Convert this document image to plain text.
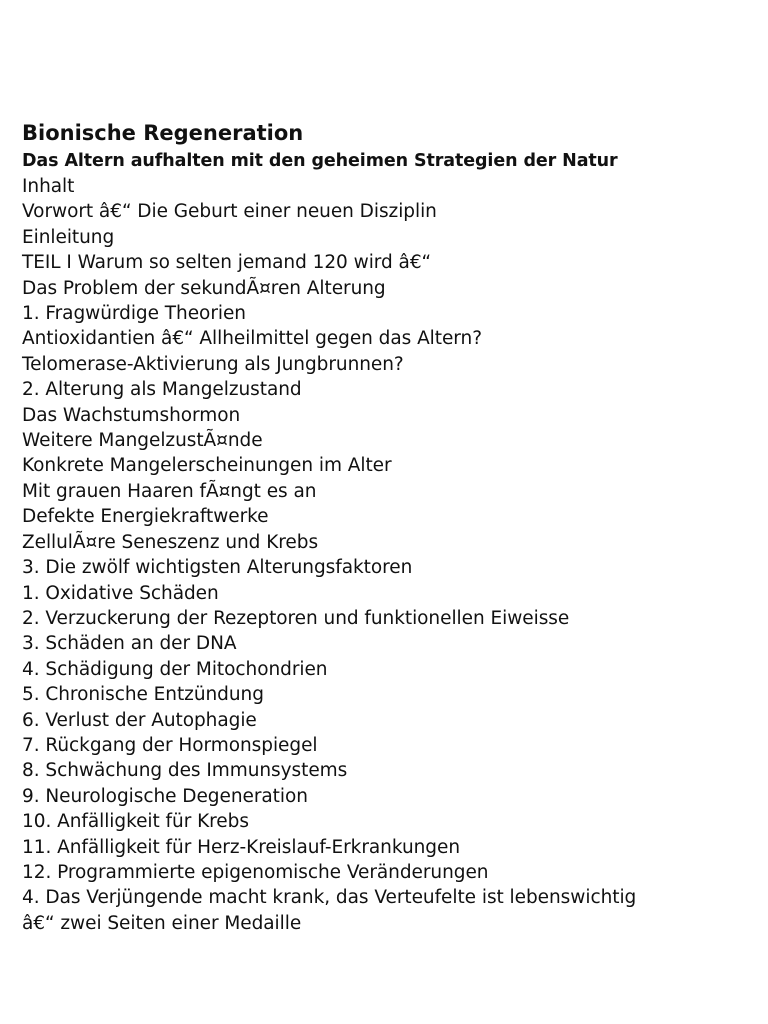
Bionische Regeneration
Das Altern aufhalten mit den geheimen Strategien der Natur

Inhalt

Vorwort â€“ Die Geburt einer neuen Disziplin

Einleitung

TEIL I Warum so selten jemand 120 wird â€“

Das Problem der sekundÃ¤ren Alterung

1. Fragwürdige Theorien

Antioxidantien â€“ Allheilmittel gegen das Altern?

Telomerase-Aktivierung als Jungbrunnen?

2. Alterung als Mangelzustand

Das Wachstumshormon

Weitere MangelzustÃ¤nde

Konkrete Mangelerscheinungen im Alter

Mit grauen Haaren fÃ¤ngt es an

Defekte Energiekraftwerke

ZellulÃ¤re Seneszenz und Krebs

3. Die zwölf wichtigsten Alterungsfaktoren

1. Oxidative Schäden

2. Verzuckerung der Rezeptoren und funktionellen Eiweisse

3. Schäden an der DNA

4. Schädigung der Mitochondrien

5. Chronische Entzündung

6. Verlust der Autophagie

7. Rückgang der Hormonspiegel

8. Schwächung des Immunsystems

9. Neurologische Degeneration

10. Anfälligkeit für Krebs

11. Anfälligkeit für Herz-Kreislauf-Erkrankungen

12. Programmierte epigenomische Veränderungen

4. Das Verjüngende macht krank, das Verteufelte ist lebenswichtig

â€“ zwei Seiten einer Medaille
